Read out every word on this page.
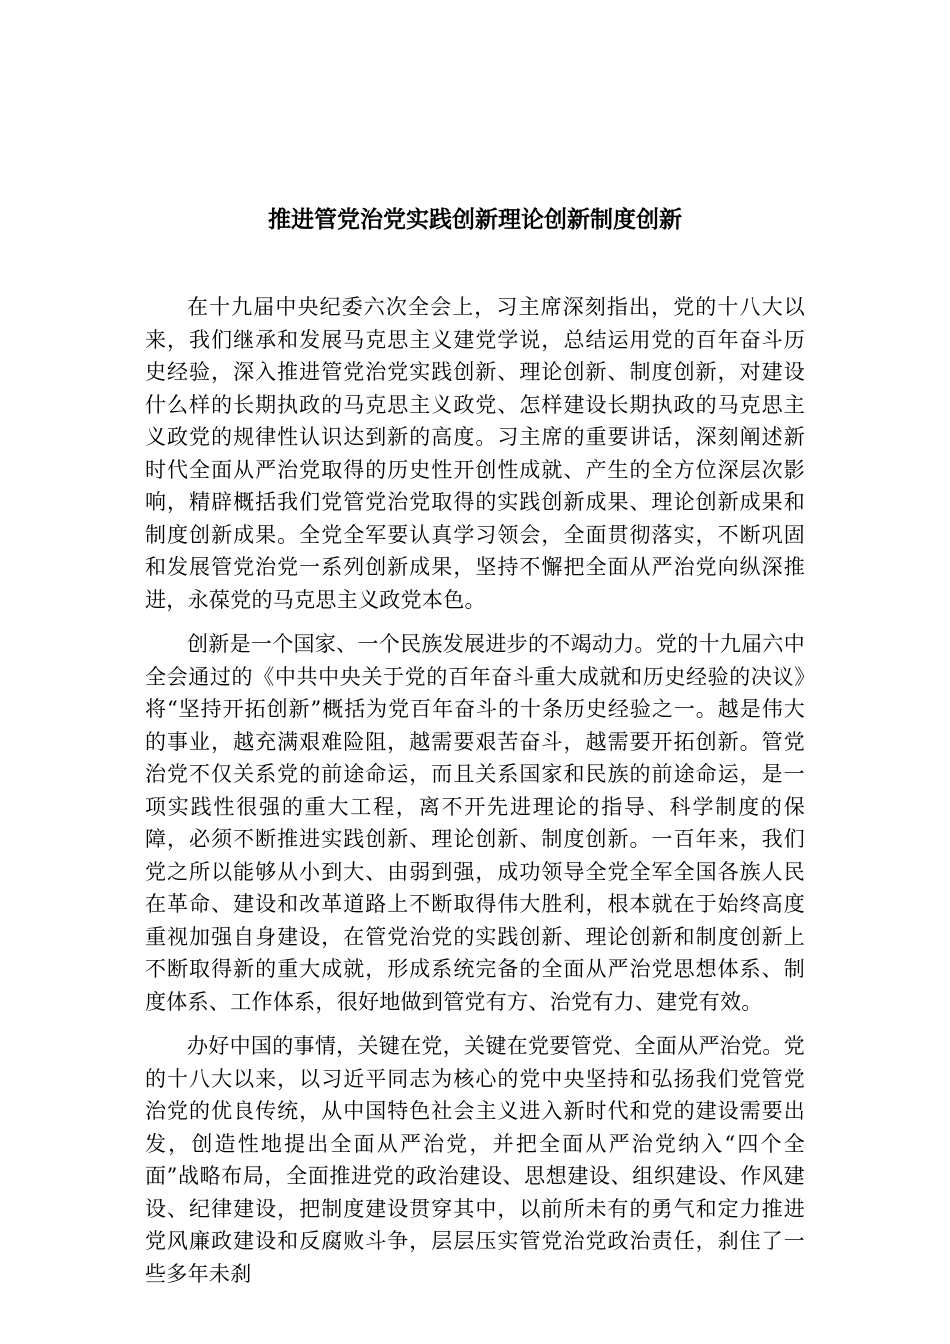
推进管党治党实践创新理论创新制度创新

在十九届中央纪委六次全会上，习主席深刻指出，党的十八大以来，我们继承和发展马克思主义建党学说，总结运用党的百年奋斗历史经验，深入推进管党治党实践创新、理论创新、制度创新，对建设什么样的长期执政的马克思主义政党、怎样建设长期执政的马克思主义政党的规律性认识达到新的高度。习主席的重要讲话，深刻阐述新时代全面从严治党取得的历史性开创性成就、产生的全方位深层次影响，精辟概括我们党管党治党取得的实践创新成果、理论创新成果和制度创新成果。全党全军要认真学习领会，全面贯彻落实，不断巩固和发展管党治党一系列创新成果，坚持不懈把全面从严治党向纵深推进，永葆党的马克思主义政党本色。

创新是一个国家、一个民族发展进步的不竭动力。党的十九届六中全会通过的《中共中央关于党的百年奋斗重大成就和历史经验的决议》将“坚持开拓创新”概括为党百年奋斗的十条历史经验之一。越是伟大的事业，越充满艰难险阻，越需要艰苦奋斗，越需要开拓创新。管党治党不仅关系党的前途命运，而且关系国家和民族的前途命运，是一项实践性很强的重大工程，离不开先进理论的指导、科学制度的保障，必须不断推进实践创新、理论创新、制度创新。一百年来，我们党之所以能够从小到大、由弱到强，成功领导全党全军全国各族人民在革命、建设和改革道路上不断取得伟大胜利，根本就在于始终高度重视加强自身建设，在管党治党的实践创新、理论创新和制度创新上不断取得新的重大成就，形成系统完备的全面从严治党思想体系、制度体系、工作体系，很好地做到管党有方、治党有力、建党有效。

办好中国的事情，关键在党，关键在党要管党、全面从严治党。党的十八大以来，以习近平同志为核心的党中央坚持和弘扬我们党管党治党的优良传统，从中国特色社会主义进入新时代和党的建设需要出发，创造性地提出全面从严治党，并把全面从严治党纳入“四个全面”战略布局，全面推进党的政治建设、思想建设、组织建设、作风建设、纪律建设，把制度建设贯穿其中，以前所未有的勇气和定力推进党风廉政建设和反腐败斗争，层层压实管党治党政治责任，刹住了一些多年未刹
